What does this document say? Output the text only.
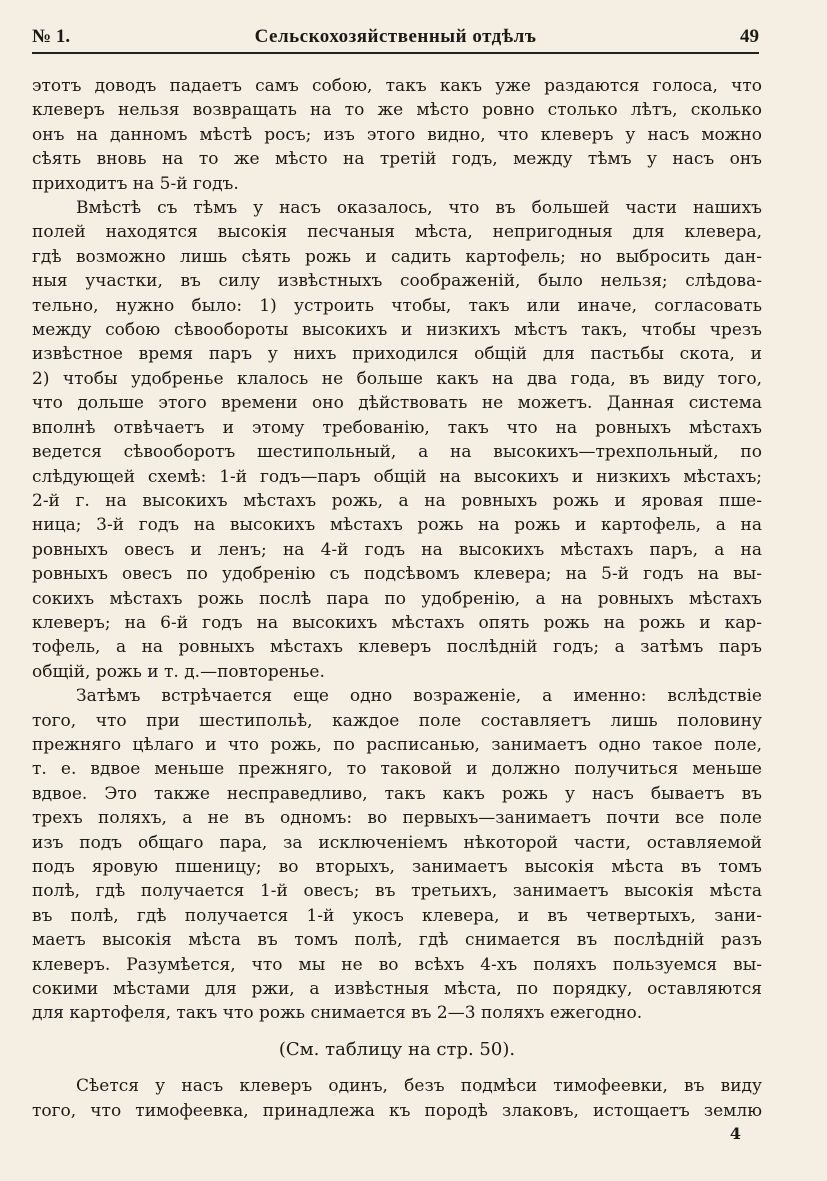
№ 1.	Сельскохозяйственный отдѣлъ	49

этотъ доводъ падаетъ самъ собою, такъ какъ уже раздаются голоса, что
клеверъ нельзя возвращать на то же мѣсто ровно столько лѣтъ, сколько
онъ на данномъ мѣстѣ росъ; изъ этого видно, что клеверъ у насъ можно
сѣять вновь на то же мѣсто на третій годъ, между тѣмъ у насъ онъ
приходитъ на 5-й годъ.

Вмѣстѣ съ тѣмъ у насъ оказалось, что въ большей части нашихъ
полей находятся высокія песчаныя мѣста, непригодныя для клевера,
гдѣ возможно лишь сѣять рожь и садить картофель; но выбросить дан-
ныя участки, въ силу извѣстныхъ соображеній, было нельзя; слѣдова-
тельно, нужно было: 1) устроить чтобы, такъ или иначе, согласовать
между собою сѣвообороты высокихъ и низкихъ мѣстъ такъ, чтобы чрезъ
извѣстное время паръ у нихъ приходился общій для пастьбы скота, и
2) чтобы удобренье клалось не больше какъ на два года, въ виду того,
что дольше этого времени оно дѣйствовать не можетъ. Данная система
вполнѣ отвѣчаетъ и этому требованію, такъ что на ровныхъ мѣстахъ
ведется сѣвооборотъ шестипольный, а на высокихъ—трехпольный, по
слѣдующей схемѣ: 1-й годъ—паръ общій на высокихъ и низкихъ мѣстахъ;
2-й г. на высокихъ мѣстахъ рожь, а на ровныхъ рожь и яровая пше-
ница; 3-й годъ на высокихъ мѣстахъ рожь на рожь и картофель, а на
ровныхъ овесъ и ленъ; на 4-й годъ на высокихъ мѣстахъ паръ, а на
ровныхъ овесъ по удобренію съ подсѣвомъ клевера; на 5-й годъ на вы-
сокихъ мѣстахъ рожь послѣ пара по удобренію, а на ровныхъ мѣстахъ
клеверъ; на 6-й годъ на высокихъ мѣстахъ опять рожь на рожь и кар-
тофель, а на ровныхъ мѣстахъ клеверъ послѣдній годъ; а затѣмъ паръ
общій, рожь и т. д.—повторенье.

Затѣмъ встрѣчается еще одно возраженіе, а именно: вслѣдствіе
того, что при шестипольѣ, каждое поле составляетъ лишь половину
прежняго цѣлаго и что рожь, по расписанью, занимаетъ одно такое поле,
т. е. вдвое меньше прежняго, то таковой и должно получиться меньше
вдвое. Это также несправедливо, такъ какъ рожь у насъ бываетъ въ
трехъ поляхъ, а не въ одномъ: во первыхъ—занимаетъ почти все поле
изъ подъ общаго пара, за исключеніемъ нѣкоторой части, оставляемой
подъ яровую пшеницу; во вторыхъ, занимаетъ высокія мѣста въ томъ
полѣ, гдѣ получается 1-й овесъ; въ третьихъ, занимаетъ высокія мѣста
въ полѣ, гдѣ получается 1-й укосъ клевера, и въ четвертыхъ, зани-
маетъ высокія мѣста въ томъ полѣ, гдѣ снимается въ послѣдній разъ
клеверъ. Разумѣется, что мы не во всѣхъ 4-хъ поляхъ пользуемся вы-
сокими мѣстами для ржи, а извѣстныя мѣста, по порядку, оставляются
для картофеля, такъ что рожь снимается въ 2—3 поляхъ ежегодно.

(См. таблицу на стр. 50).

Сѣется у насъ клеверъ одинъ, безъ подмѣси тимофеевки, въ виду
того, что тимофеевка, принадлежа къ породѣ злаковъ, истощаетъ землю

4
